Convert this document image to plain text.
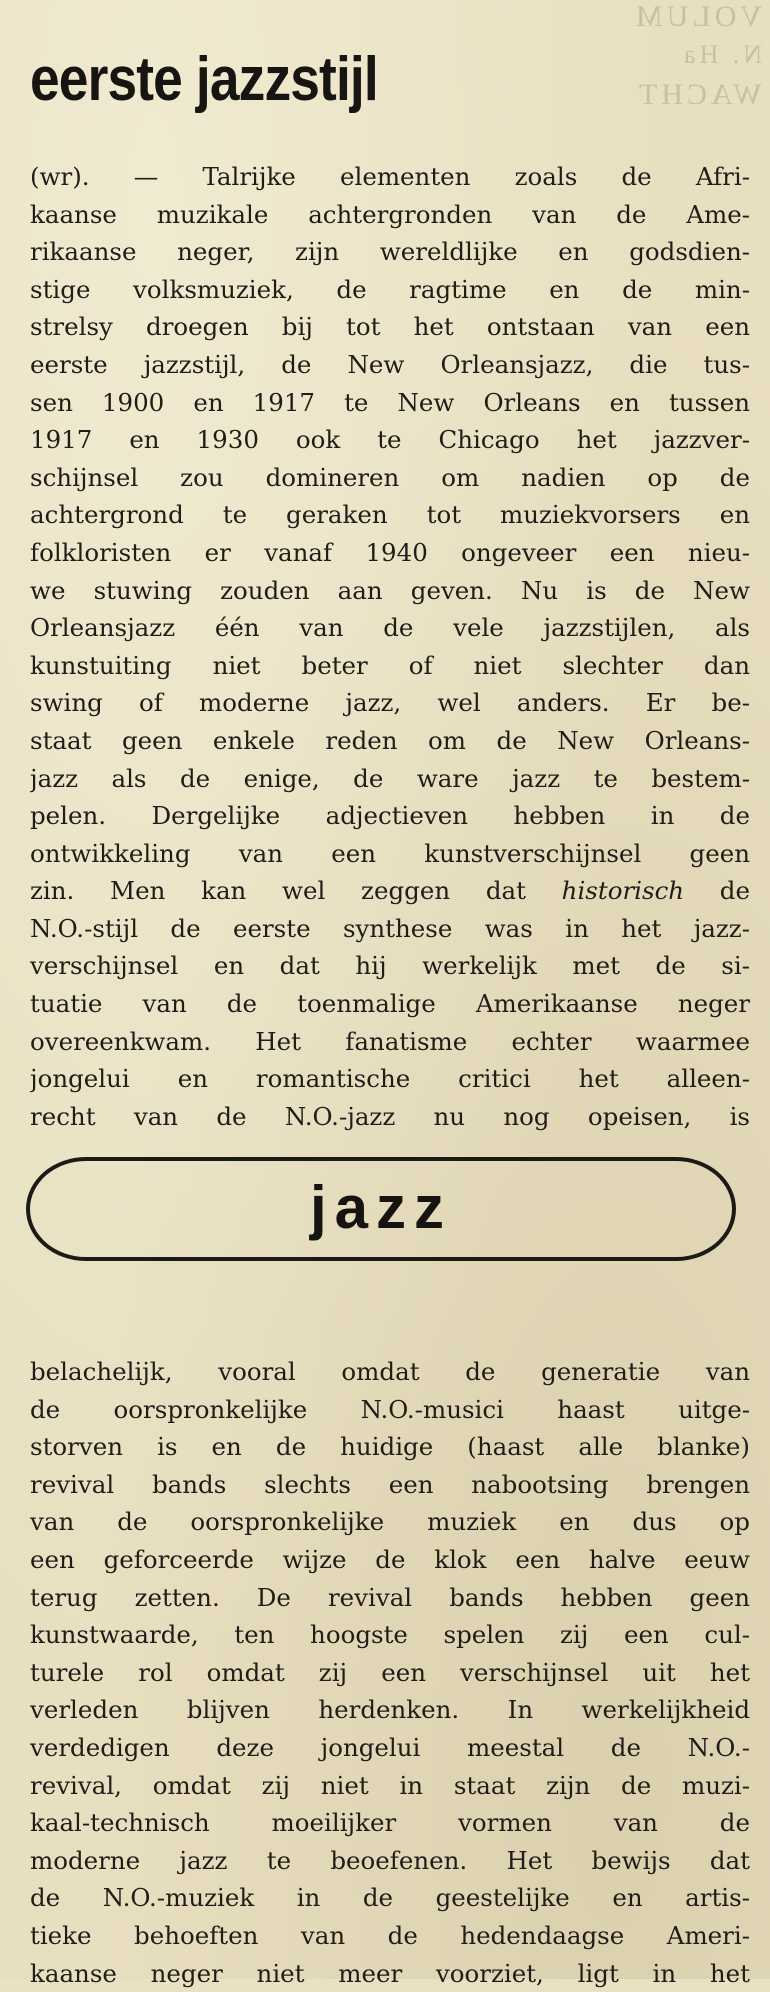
VOLUM
N. Ha
WACHT
eerste jazzstijl
(wr). — Talrijke elementen zoals de Afri-
kaanse muzikale achtergronden van de Ame-
rikaanse neger, zijn wereldlijke en godsdien-
stige volksmuziek, de ragtime en de min-
strelsy droegen bij tot het ontstaan van een
eerste jazzstijl, de New Orleansjazz, die tus-
sen 1900 en 1917 te New Orleans en tussen
1917 en 1930 ook te Chicago het jazzver-
schijnsel zou domineren om nadien op de
achtergrond te geraken tot muziekvorsers en
folkloristen er vanaf 1940 ongeveer een nieu-
we stuwing zouden aan geven. Nu is de New
Orleansjazz één van de vele jazzstijlen, als
kunstuiting niet beter of niet slechter dan
swing of moderne jazz, wel anders. Er be-
staat geen enkele reden om de New Orleans-
jazz als de enige, de ware jazz te bestem-
pelen. Dergelijke adjectieven hebben in de
ontwikkeling van een kunstverschijnsel geen
zin. Men kan wel zeggen dat historisch de
N.O.-stijl de eerste synthese was in het jazz-
verschijnsel en dat hij werkelijk met de si-
tuatie van de toenmalige Amerikaanse neger
overeenkwam. Het fanatisme echter waarmee
jongelui en romantische critici het alleen-
recht van de N.O.-jazz nu nog opeisen, is
jazz
belachelijk, vooral omdat de generatie van
de oorspronkelijke N.O.-musici haast uitge-
storven is en de huidige (haast alle blanke)
revival bands slechts een nabootsing brengen
van de oorspronkelijke muziek en dus op
een geforceerde wijze de klok een halve eeuw
terug zetten. De revival bands hebben geen
kunstwaarde, ten hoogste spelen zij een cul-
turele rol omdat zij een verschijnsel uit het
verleden blijven herdenken. In werkelijkheid
verdedigen deze jongelui meestal de N.O.-
revival, omdat zij niet in staat zijn de muzi-
kaal-technisch moeilijker vormen van de
moderne jazz te beoefenen. Het bewijs dat
de N.O.-muziek in de geestelijke en artis-
tieke behoeften van de hedendaagse Ameri-
kaanse neger niet meer voorziet, ligt in het
